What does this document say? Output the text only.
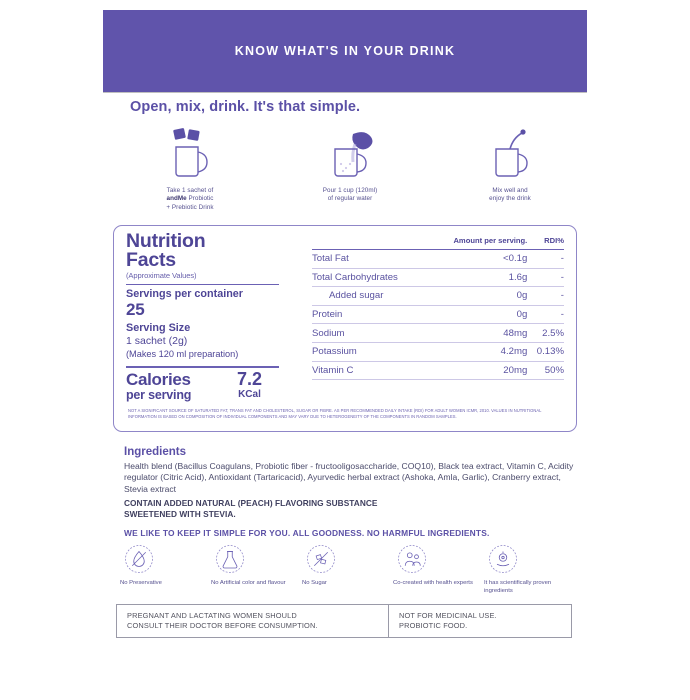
KNOW WHAT'S IN YOUR DRINK
Open, mix, drink. It's that simple.
Take 1 sachet of
andMe Probiotic
+ Prebiotic Drink
Pour 1 cup (120ml)
of regular water
Mix well and
enjoy the drink
Nutrition
Facts
(Approximate Values)
Servings per container
25
Serving Size
1 sachet (2g)
(Makes 120 ml preparation)
Calories
per serving
7.2
KCal
	Amount per serving.	RDI%
Total Fat	<0.1g	-
Total Carbohydrates	1.6g	-
Added sugar	0g	-
Protein	0g	-
Sodium	48mg	2.5%
Potassium	4.2mg	0.13%
Vitamin C	20mg	50%
NOT A SIGNIFICANT SOURCE OF SATURATED FAT, TRANS FAT AND CHOLESTEROL, SUGAR OR FIBRE. AS PER RECOMMENDED DAILY INTAKE (RDI) FOR ADULT WOMEN ICMR, 2010. VALUES IN NUTRITIONAL INFORMATION IS BASED ON COMPOSITION OF INDIVIDUAL COMPONENTS AND MAY VARY DUE TO HETEROGENEITY OF THE COMPONENTS IN RANDOM SAMPLES.
Ingredients
Health blend (Bacillus Coagulans, Probiotic fiber - fructooligosaccharide, COQ10), Black tea extract, Vitamin C, Acidity regulator (Citric Acid), Antioxidant (Tartaricacid), Ayurvedic herbal extract (Ashoka, Amla, Garlic), Cranberry extract, Stevia extract
CONTAIN ADDED NATURAL (PEACH) FLAVORING SUBSTANCE
SWEETENED WITH STEVIA.
WE LIKE TO KEEP IT SIMPLE FOR YOU. ALL GOODNESS. NO HARMFUL INGREDIENTS.
No Preservative	No Artificial color and flavour	No Sugar	Co-created with health experts It has scientifically proven ingredients
PREGNANT AND LACTATING WOMEN SHOULD
CONSULT THEIR DOCTOR BEFORE CONSUMPTION.
NOT FOR MEDICINAL USE.
PROBIOTIC FOOD.
